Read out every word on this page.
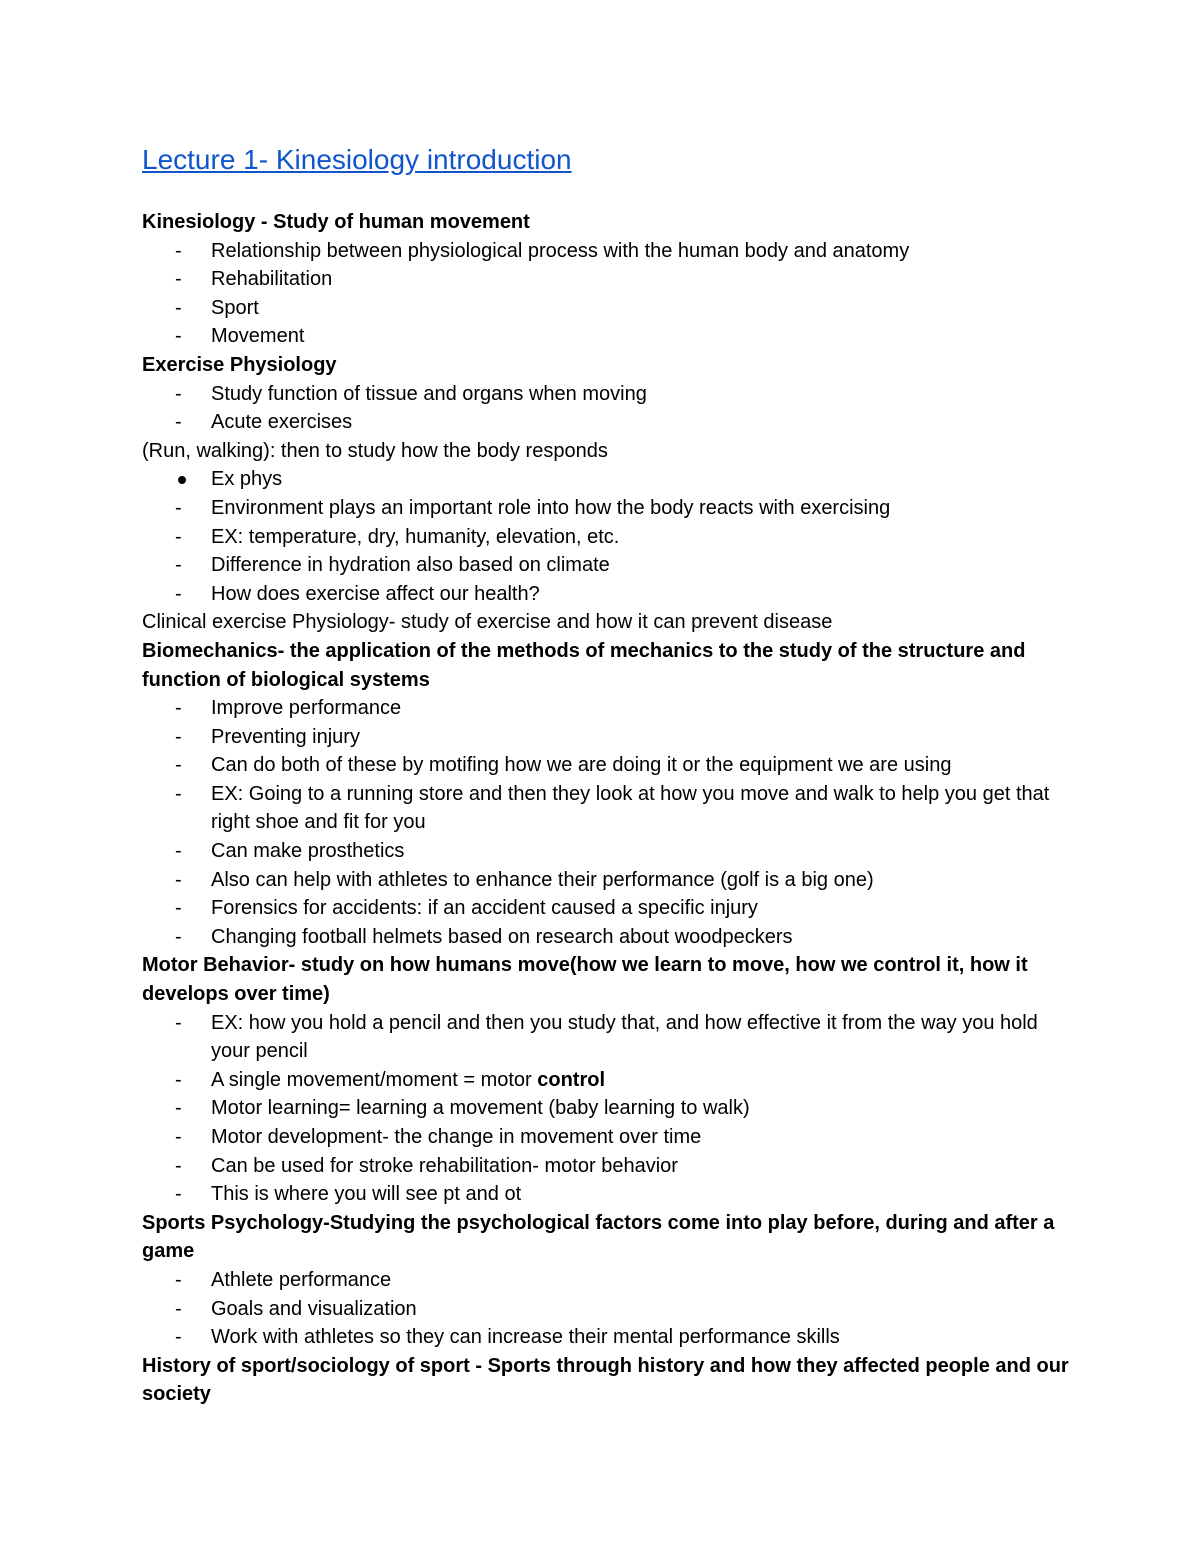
Lecture 1- Kinesiology introduction
Kinesiology - Study of human movement
-	Relationship between physiological process with the human body and anatomy
-	Rehabilitation
-	Sport
-	Movement
Exercise Physiology
-	Study function of tissue and organs when moving
-	Acute exercises
(Run, walking): then to study how the body responds
Ex phys
-	Environment plays an important role into how the body reacts with exercising
-	EX: temperature, dry, humanity, elevation, etc.
-	Difference in hydration also based on climate
-	How does exercise affect our health?
Clinical exercise Physiology- study of exercise and how it can prevent disease
Biomechanics- the application of the methods of mechanics to the study of the structure and function of biological systems
-	Improve performance
-	Preventing injury
-	Can do both of these by motifing how we are doing it or the equipment we are using
-	EX: Going to a running store and then they look at how you move and walk to help you get that right shoe and fit for you
-	Can make prosthetics
-	Also can help with athletes to enhance their performance (golf is a big one)
-	Forensics for accidents: if an accident caused a specific injury
-	Changing football helmets based on research about woodpeckers
Motor Behavior- study on how humans move(how we learn to move, how we control it, how it develops over time)
-	EX: how you hold a pencil and then you study that, and how effective it from the way you hold your pencil
-	A single movement/moment = motor control
-	Motor learning= learning a movement (baby learning to walk)
-	Motor development- the change in movement over time
-	Can be used for stroke rehabilitation- motor behavior
-	This is where you will see pt and ot
Sports Psychology-Studying the psychological factors come into play before, during and after a game
-	Athlete performance
-	Goals and visualization
-	Work with athletes so they can increase their mental performance skills
History of sport/sociology of sport - Sports through history and how they affected people and our society
